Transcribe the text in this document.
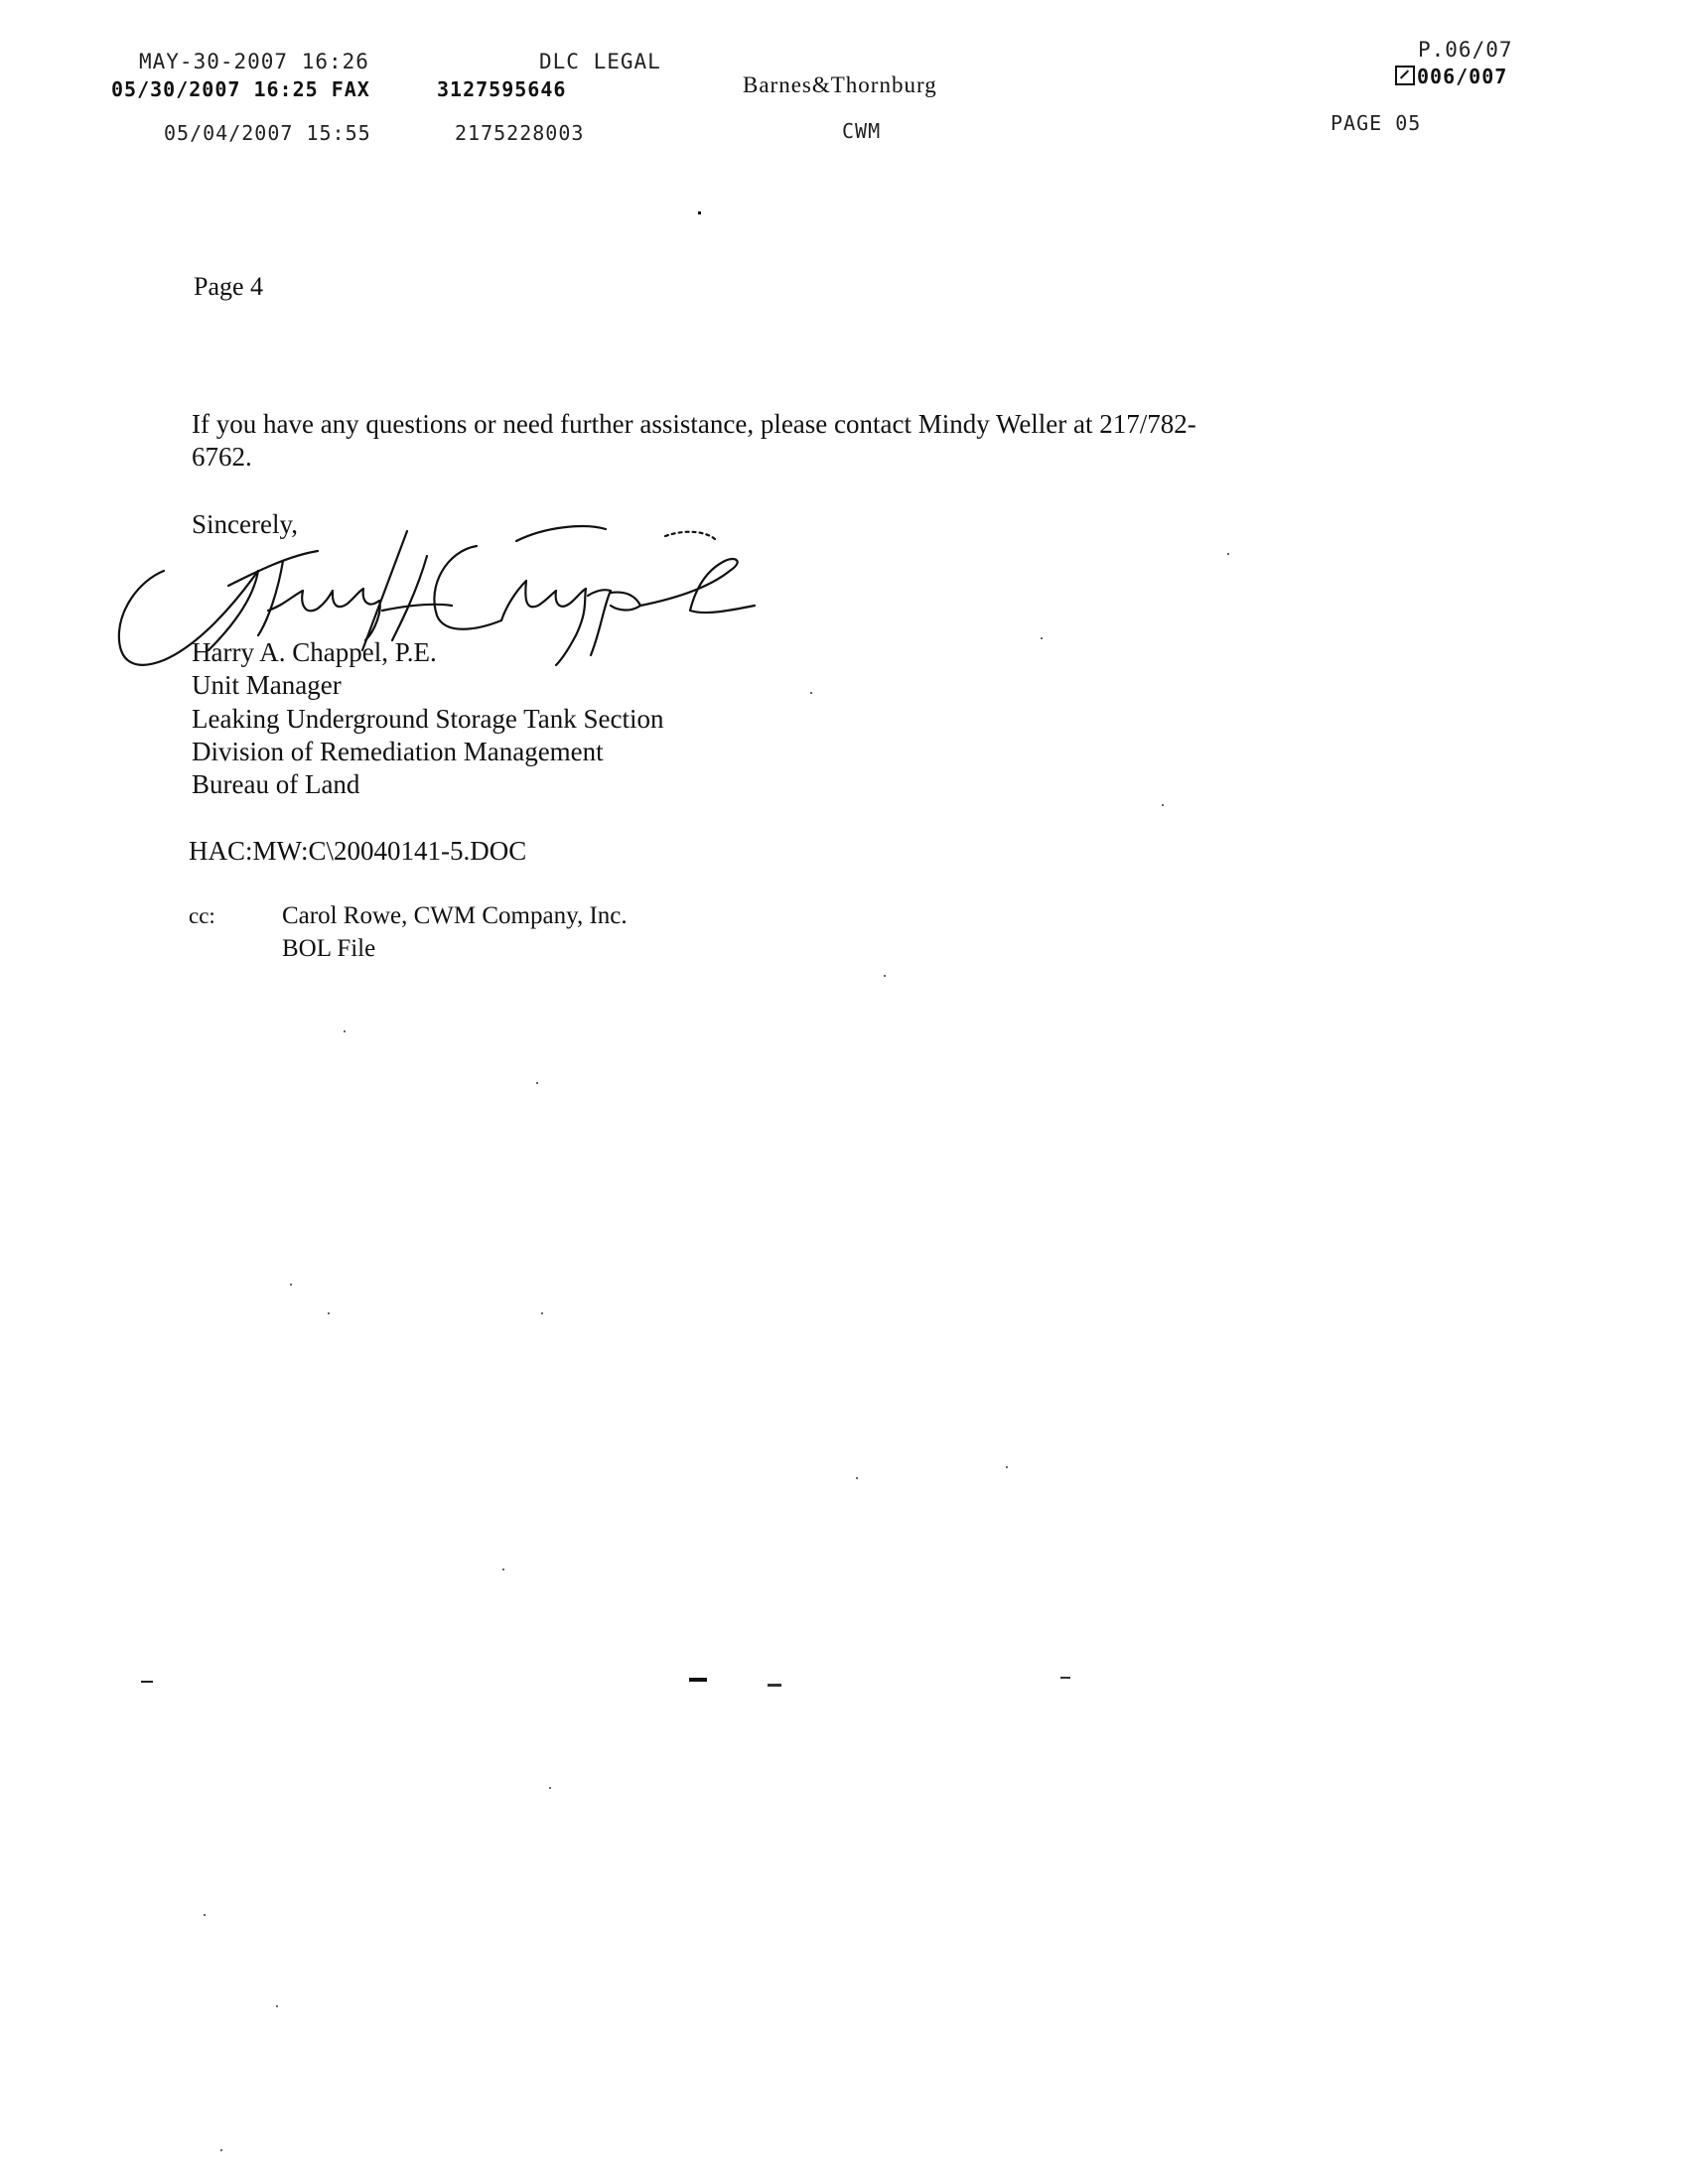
MAY-30-2007 16:26	DLC LEGAL	P.06/07
05/30/2007 16:25 FAX	3127595646	Barnes&Thornburg	006/007
05/04/2007 15:55	2175228003	CWM	PAGE 05
Page 4
If you have any questions or need further assistance, please contact Mindy Weller at 217/782-
6762.
Sincerely,
Harry A. Chappel, P.E.
Unit Manager
Leaking Underground Storage Tank Section
Division of Remediation Management
Bureau of Land
HAC:MW:C\20040141-5.DOC
cc:	Carol Rowe, CWM Company, Inc.
BOL File
